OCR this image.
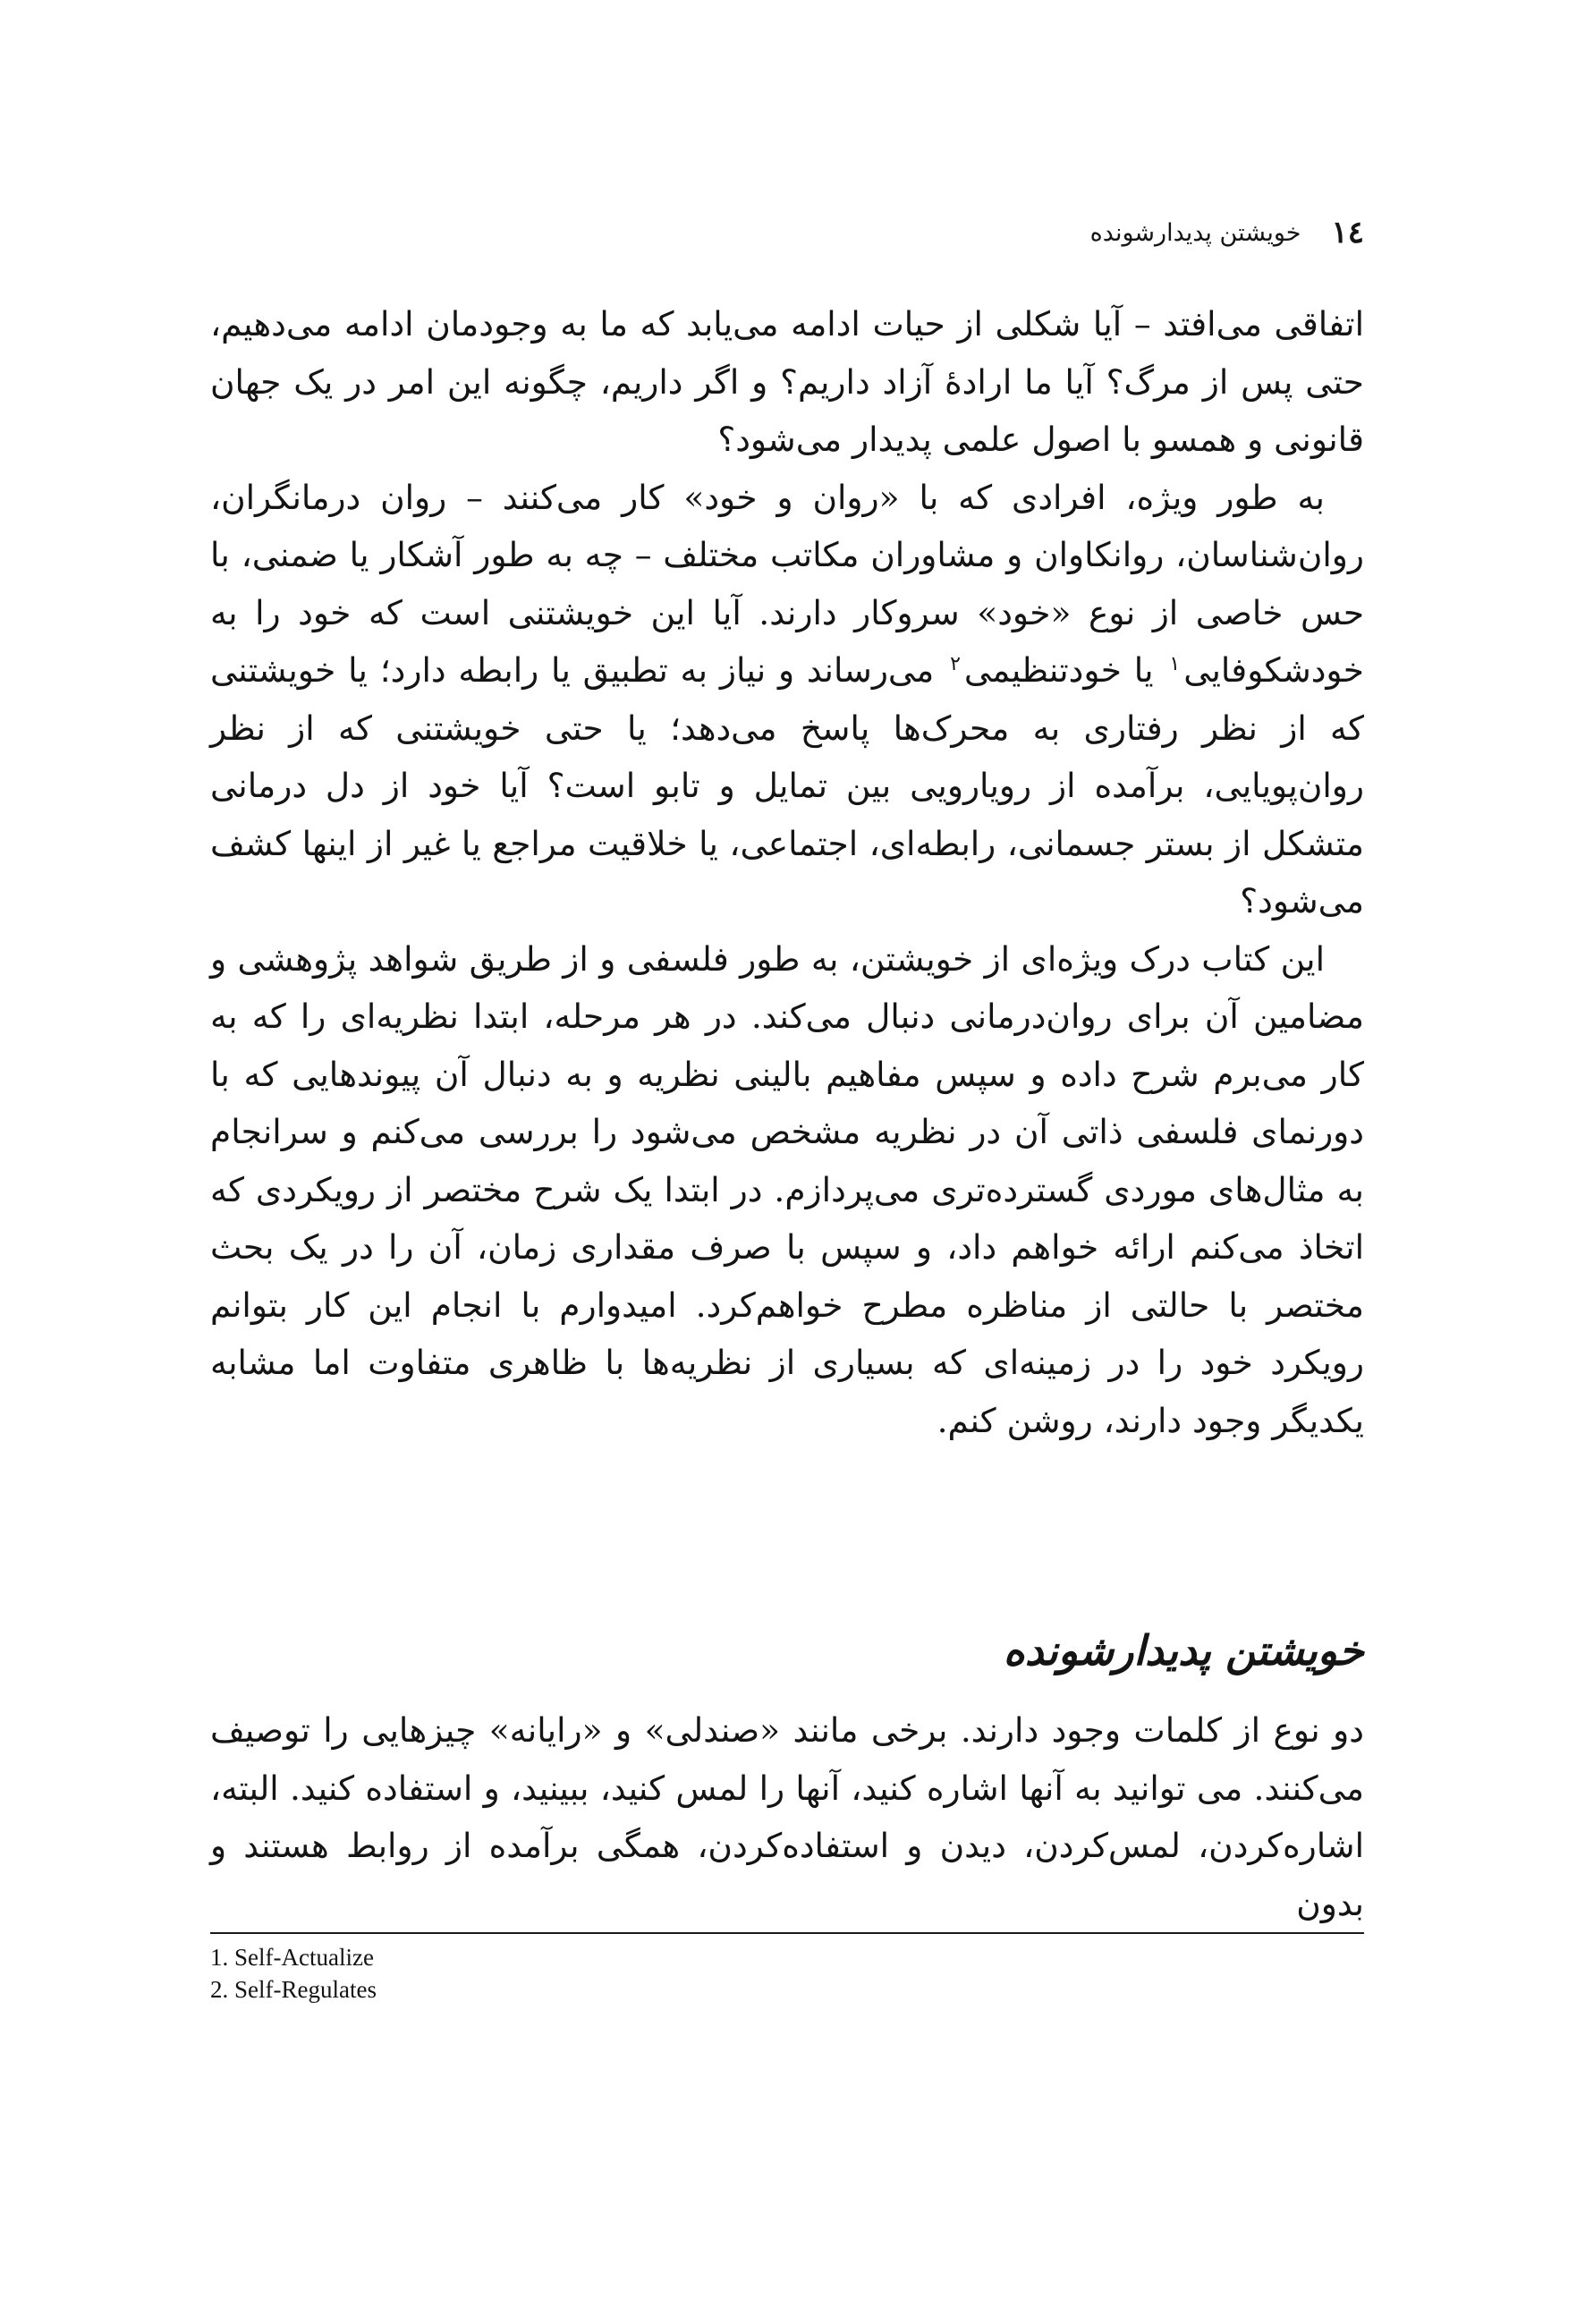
١٤
خویشتن پدیدارشونده

اتفاقی می‌افتد – آیا شکلی از حیات ادامه می‌یابد که ما به وجودمان ادامه می‌دهیم، حتی پس از مرگ؟ آیا ما ارادهٔ آزاد داریم؟ و اگر داریم، چگونه این امر در یک جهان قانونی و همسو با اصول علمی پدیدار می‌شود؟

به طور ویژه، افرادی که با «روان و خود» کار می‌کنند – روان درمانگران، روان‌شناسان، روانکاوان و مشاوران مکاتب مختلف – چه به طور آشکار یا ضمنی، با حس خاصی از نوع «خود» سروکار دارند. آیا این خویشتنی است که خود را به خودشکوفایی$^١$ یا خودتنظیمی$^٢$ می‌رساند و نیاز به تطبیق یا رابطه دارد؛ یا خویشتنی که از نظر رفتاری به محرک‌ها پاسخ می‌دهد؛ یا حتی خویشتنی که از نظر روان‌پویایی، برآمده از رویارویی بین تمایل و تابو است؟ آیا خود از دل درمانی متشکل از بستر جسمانی، رابطه‌ای، اجتماعی، یا خلاقیت مراجع یا غیر از اینها کشف می‌شود؟

این کتاب درک ویژه‌ای از خویشتن، به طور فلسفی و از طریق شواهد پژوهشی و مضامین آن برای روان‌درمانی دنبال می‌کند. در هر مرحله، ابتدا نظریه‌ای را که به کار می‌برم شرح داده و سپس مفاهیم بالینی نظریه و به دنبال آن پیوندهایی که با دورنمای فلسفی ذاتی آن در نظریه مشخص می‌شود را بررسی می‌کنم و سرانجام به مثال‌های موردی گسترده‌تری می‌پردازم. در ابتدا یک شرح مختصر از رویکردی که اتخاذ می‌کنم ارائه خواهم داد، و سپس با صرف مقداری زمان، آن را در یک بحث مختصر با حالتی از مناظره مطرح خواهم‌کرد. امیدوارم با انجام این کار بتوانم رویکرد خود را در زمینه‌ای که بسیاری از نظریه‌ها با ظاهری متفاوت اما مشابه یکدیگر وجود دارند، روشن کنم.

خویشتن پدیدارشونده

دو نوع از کلمات وجود دارند. برخی مانند «صندلی» و «رایانه» چیزهایی را توصیف می‌کنند. می توانید به آنها اشاره کنید، آنها را لمس کنید، ببینید، و استفاده کنید. البته، اشاره‌کردن، لمس‌کردن، دیدن و استفاده‌کردن، همگی برآمده از روابط هستند و بدون

1. Self-Actualize
2. Self-Regulates
